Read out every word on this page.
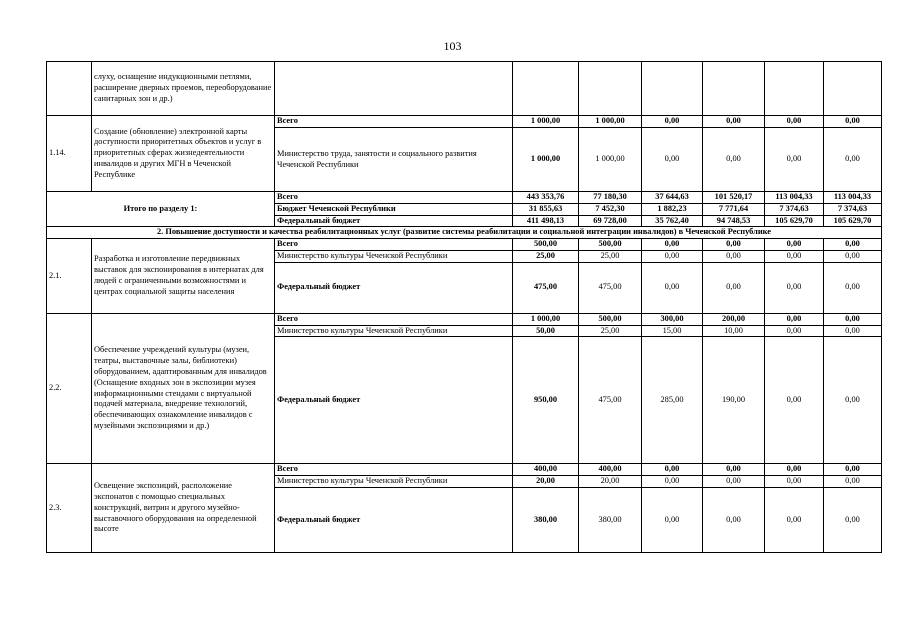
103
	слуху, оснащение индукционными петлями, расширение дверных проемов, переоборудование санитарных зон и др.)							
1.14.	Создание (обновление) электронной карты доступности приоритетных объектов и услуг в приоритетных сферах жизнедеятельности инвалидов и других МГН в Чеченской Республике	Всего	1 000,00	1 000,00	0,00	0,00	0,00	0,00
		Министерство труда, занятости и социального развития Чеченской Республики	1 000,00	1 000,00	0,00	0,00	0,00	0,00
Итого по разделу 1:		Всего	443 353,76	77 180,30	37 644,63	101 520,17	113 004,33	113 004,33
		Бюджет Чеченской Республики	31 855,63	7 452,30	1 882,23	7 771,64	7 374,63	7 374,63
		Федеральный бюджет	411 498,13	69 728,00	35 762,40	94 748,53	105 629,70	105 629,70
2. Повышение доступности и качества реабилитационных услуг (развитие системы реабилитации и социальной интеграции инвалидов) в Чеченской Республике								
2.1.	Разработка и изготовление передвижных выставок для экспонирования в интернатах для людей с ограниченными возможностями и центрах социальной защиты населения	Всего	500,00	500,00	0,00	0,00	0,00	0,00
		Министерство культуры Чеченской Республики	25,00	25,00	0,00	0,00	0,00	0,00
		Федеральный бюджет	475,00	475,00	0,00	0,00	0,00	0,00
2.2.	Обеспечение учреждений культуры (музеи, театры, выставочные залы, библиотеки) оборудованием, адаптированным для инвалидов (Оснащение входных зон в экспозиции музея информационными стендами с виртуальной подачей материала, внедрение технологий, обеспечивающих ознакомление инвалидов с музейными экспозициями и др.)	Всего	1 000,00	500,00	300,00	200,00	0,00	0,00
		Министерство культуры Чеченской Республики	50,00	25,00	15,00	10,00	0,00	0,00
		Федеральный бюджет	950,00	475,00	285,00	190,00	0,00	0,00
2.3.	Освещение экспозиций, расположение экспонатов с помощью специальных конструкций, витрин и другого музейно-выставочного оборудования на определенной высоте	Всего	400,00	400,00	0,00	0,00	0,00	0,00
		Министерство культуры Чеченской Республики	20,00	20,00	0,00	0,00	0,00	0,00
		Федеральный бюджет	380,00	380,00	0,00	0,00	0,00	0,00
